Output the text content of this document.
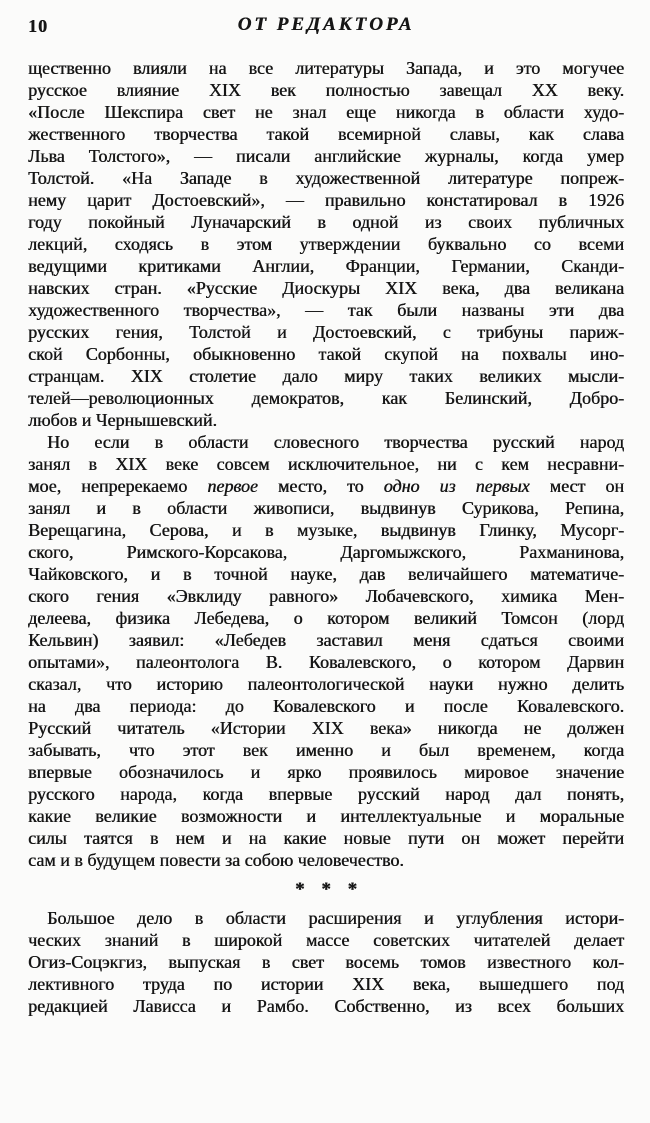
10	ОТ РЕДАКТОРА
щественно влияли на все литературы Запада, и это могучее
русское влияние XIX век полностью завещал XX веку.
«После Шекспира свет не знал еще никогда в области худо-
жественного творчества такой всемирной славы, как слава
Льва Толстого», — писали английские журналы, когда умер
Толстой. «На Западе в художественной литературе попреж-
нему царит Достоевский», — правильно констатировал в 1926
году покойный Луначарский в одной из своих публичных
лекций, сходясь в этом утверждении буквально со всеми
ведущими критиками Англии, Франции, Германии, Сканди-
навских стран. «Русские Диоскуры XIX века, два великана
художественного творчества», — так были названы эти два
русских гения, Толстой и Достоевский, с трибуны париж-
ской Сорбонны, обыкновенно такой скупой на похвалы ино-
странцам. XIX столетие дало миру таких великих мысли-
телей—революционных демократов, как Белинский, Добро-
любов и Чернышевский.
Но если в области словесного творчества русский народ
занял в XIX веке совсем исключительное, ни с кем несравни-
мое, непререкаемо первое место, то одно из первых мест он
занял и в области живописи, выдвинув Сурикова, Репина,
Верещагина, Серова, и в музыке, выдвинув Глинку, Мусорг-
ского, Римского-Корсакова, Даргомыжского, Рахманинова,
Чайковского, и в точной науке, дав величайшего математиче-
ского гения «Эвклиду равного» Лобачевского, химика Мен-
делеева, физика Лебедева, о котором великий Томсон (лорд
Кельвин) заявил: «Лебедев заставил меня сдаться своими
опытами», палеонтолога В. Ковалевского, о котором Дарвин
сказал, что историю палеонтологической науки нужно делить
на два периода: до Ковалевского и после Ковалевского.
Русский читатель «Истории XIX века» никогда не должен
забывать, что этот век именно и был временем, когда
впервые обозначилось и ярко проявилось мировое значение
русского народа, когда впервые русский народ дал понять,
какие великие возможности и интеллектуальные и моральные
силы таятся в нем и на какие новые пути он может перейти
сам и в будущем повести за собою человечество.
* * *
Большое дело в области расширения и углубления истори-
ческих знаний в широкой массе советских читателей делает
Огиз-Соцэкгиз, выпуская в свет восемь томов известного кол-
лективного труда по истории XIX века, вышедшего под
редакцией Лависса и Рамбо. Собственно, из всех больших
